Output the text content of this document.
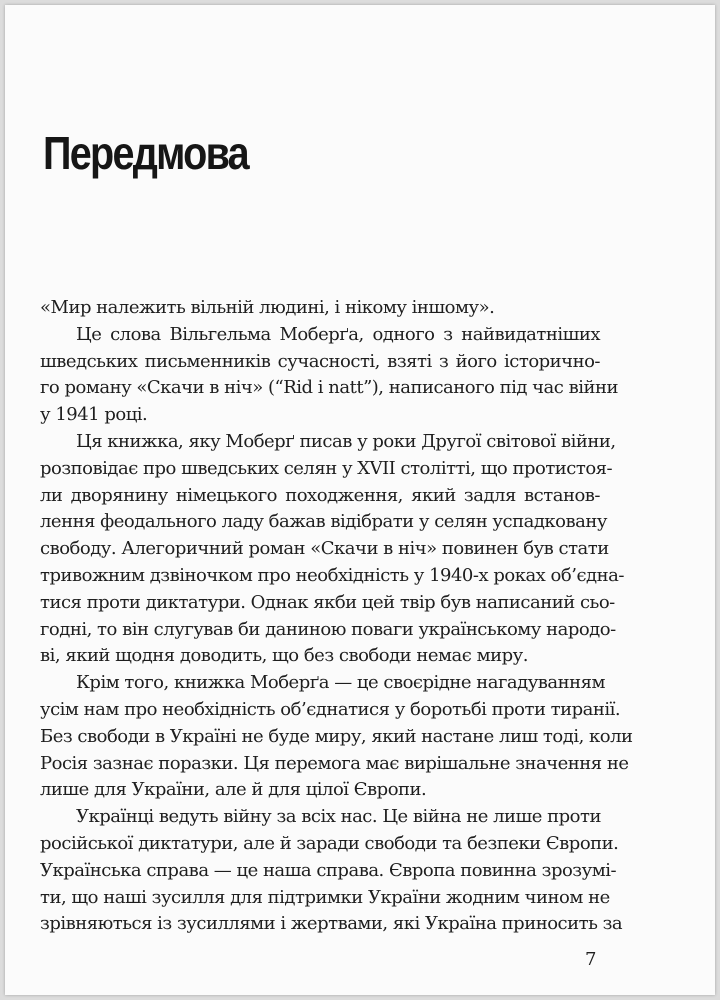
Передмова
«Мир належить вільній людині, і нікому іншому».
Це слова Вільгельма Моберґа, одного з найвидатніших
шведських письменників сучасності, взяті з його історично-
го роману «Скачи в ніч» (“Rid i natt”), написаного під час війни
у 1941 році.
Ця книжка, яку Моберґ писав у роки Другої світової війни,
розповідає про шведських селян у XVII столітті, що протистоя-
ли дворянину німецького походження, який задля встанов-
лення феодального ладу бажав відібрати у селян успадковану
свободу. Алегоричний роман «Скачи в ніч» повинен був стати
тривожним дзвіночком про необхідність у 1940-х роках об’єдна-
тися проти диктатури. Однак якби цей твір був написаний сьо-
годні, то він слугував би даниною поваги українському народо-
ві, який щодня доводить, що без свободи немає миру.
Крім того, книжка Моберґа — це своєрідне нагадуванням
усім нам про необхідність об’єднатися у боротьбі проти тиранії.
Без свободи в Україні не буде миру, який настане лиш тоді, коли
Росія зазнає поразки. Ця перемога має вирішальне значення не
лише для України, але й для цілої Європи.
Українці ведуть війну за всіх нас. Це війна не лише проти
російської диктатури, але й заради свободи та безпеки Європи.
Українська справа — це наша справа. Європа повинна зрозумі-
ти, що наші зусилля для підтримки України жодним чином не
зрівняються із зусиллями і жертвами, які Україна приносить за
7
